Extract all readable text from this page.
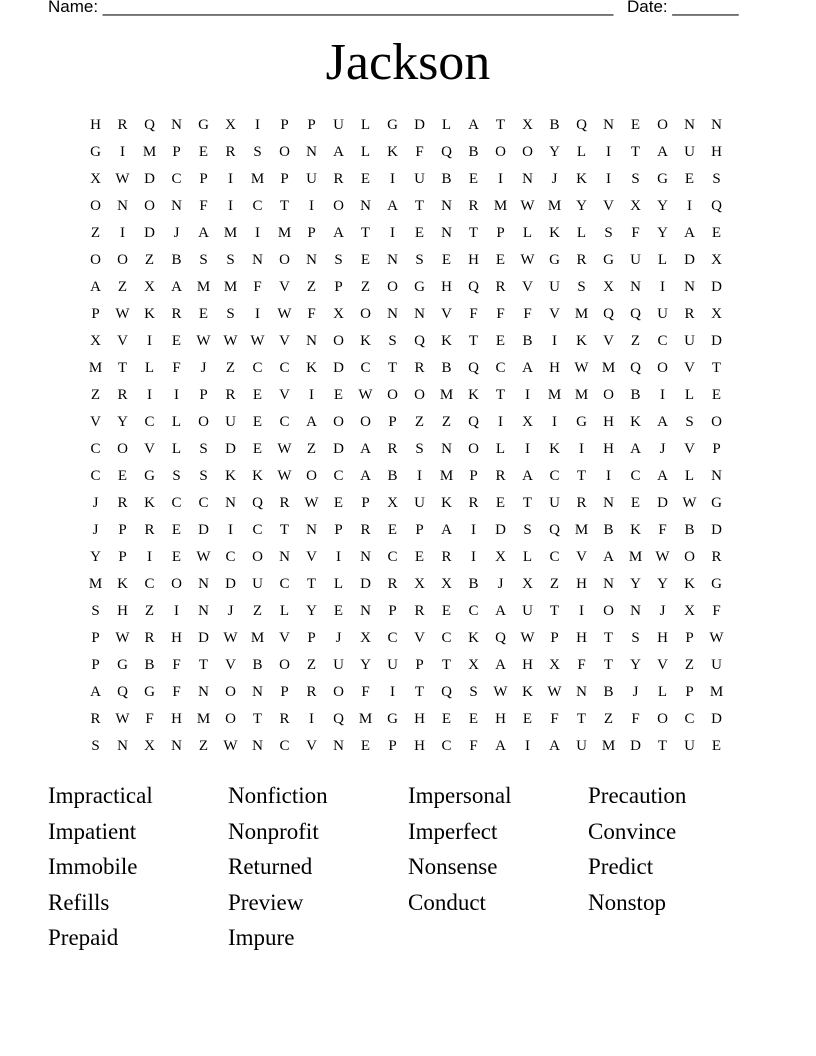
Name: ______________________________________________________ Date: _______
Jackson
H	R	Q	N	G	X	I	P	P	U	L	G	D	L	A	T	X	B	Q	N	E	O	N	N
G	I	M	P	E	R	S	O	N	A	L	K	F	Q	B	O	O	Y	L	I	T	A	U	H
X W D	C	P	I	M	P	U	R	E	I	U	B	E	I	N	J	K	I	S	G	E	S
O	N	O	N	F	I	C	T	I	O	N	A	T	N	R	M W M Y	V	X	Y	I	Q
Z	I	D	J	A M	I	M	P	A	T	I	E	N	T	P	L	K	L	S	F	Y	A	E
O	O	Z	B	S	S	N	O	N	S	E	N	S	E	H	E	W G	R	G	U	L	D	X
A	Z	X	A M M	F	V	Z	P	Z	O	G	H	Q	R	V	U	S	X	N	I	N	D
P	W K	R	E	S	I	W	F	X	O	N	N	V	F	F	F	V M Q	Q	U	R	X
X	V	I	E	W W W V	N	O	K	S	Q	K	T	E	B	I	K	V	Z	C	U	D
M	T	L	F	J	Z	C	C	K	D	C	T	R	B	Q	C	A	H W M Q	O	V	T
Z	R	I	I	P	R	E	V	I	E	W O	O M K	T	I	M M O	B	I	L	E
V	Y	C	L	O	U	E	C	A	O	O	P	Z	Z	Q	I	X	I	G	H	K	A	S	O
C	O	V	L	S	D	E	W	Z	D	A	R	S	N	O	L	I	K	I	H	A	J	V	P
C	E	G	S	S	K	K W O	C	A	B	I	M	P	R	A	C	T	I	C	A	L	N
J	R	K	C	C	N	Q	R W	E	P	X	U	K	R	E	T	U	R	N	E	D W G
J	P	R	E	D	I	C	T	N	P	R	E	P	A	I	D	S	Q M	B	K	F	B	D
Y	P	I	E	W C	O	N	V	I	N	C	E	R	I	X	L	C	V	A M W O	R
M K	C	O	N	D	U	C	T	L	D	R	X	X	B	J	X	Z	H	N	Y	Y	K	G
S	H	Z	I	N	J	Z	L	Y	E	N	P	R	E	C	A	U	T	I	O	N	J	X	F
P	W R	H	D W M V	P	J	X	C	V	C	K	Q W	P	H	T	S	H	P	W
P	G	B	F	T	V	B	O	Z	U	Y	U	P	T	X	A	H	X	F	T	Y	V	Z	U
A	Q	G	F	N	O	N	P	R	O	F	I	T	Q	S	W K W N	B	J	L	P	M
R W	F	H M O	T	R	I	Q M G	H	E	E	H	E	F	T	Z	F	O	C	D
S	N	X	N	Z	W N	C	V	N	E	P	H	C	F	A	I	A	U M D	T	U	E
Impractical	Nonfiction	Impersonal	Precaution
Impatient	Nonprofit	Imperfect	Convince
Immobile	Returned	Nonsense	Predict
Refills	Preview	Conduct	Nonstop
Prepaid	Impure
